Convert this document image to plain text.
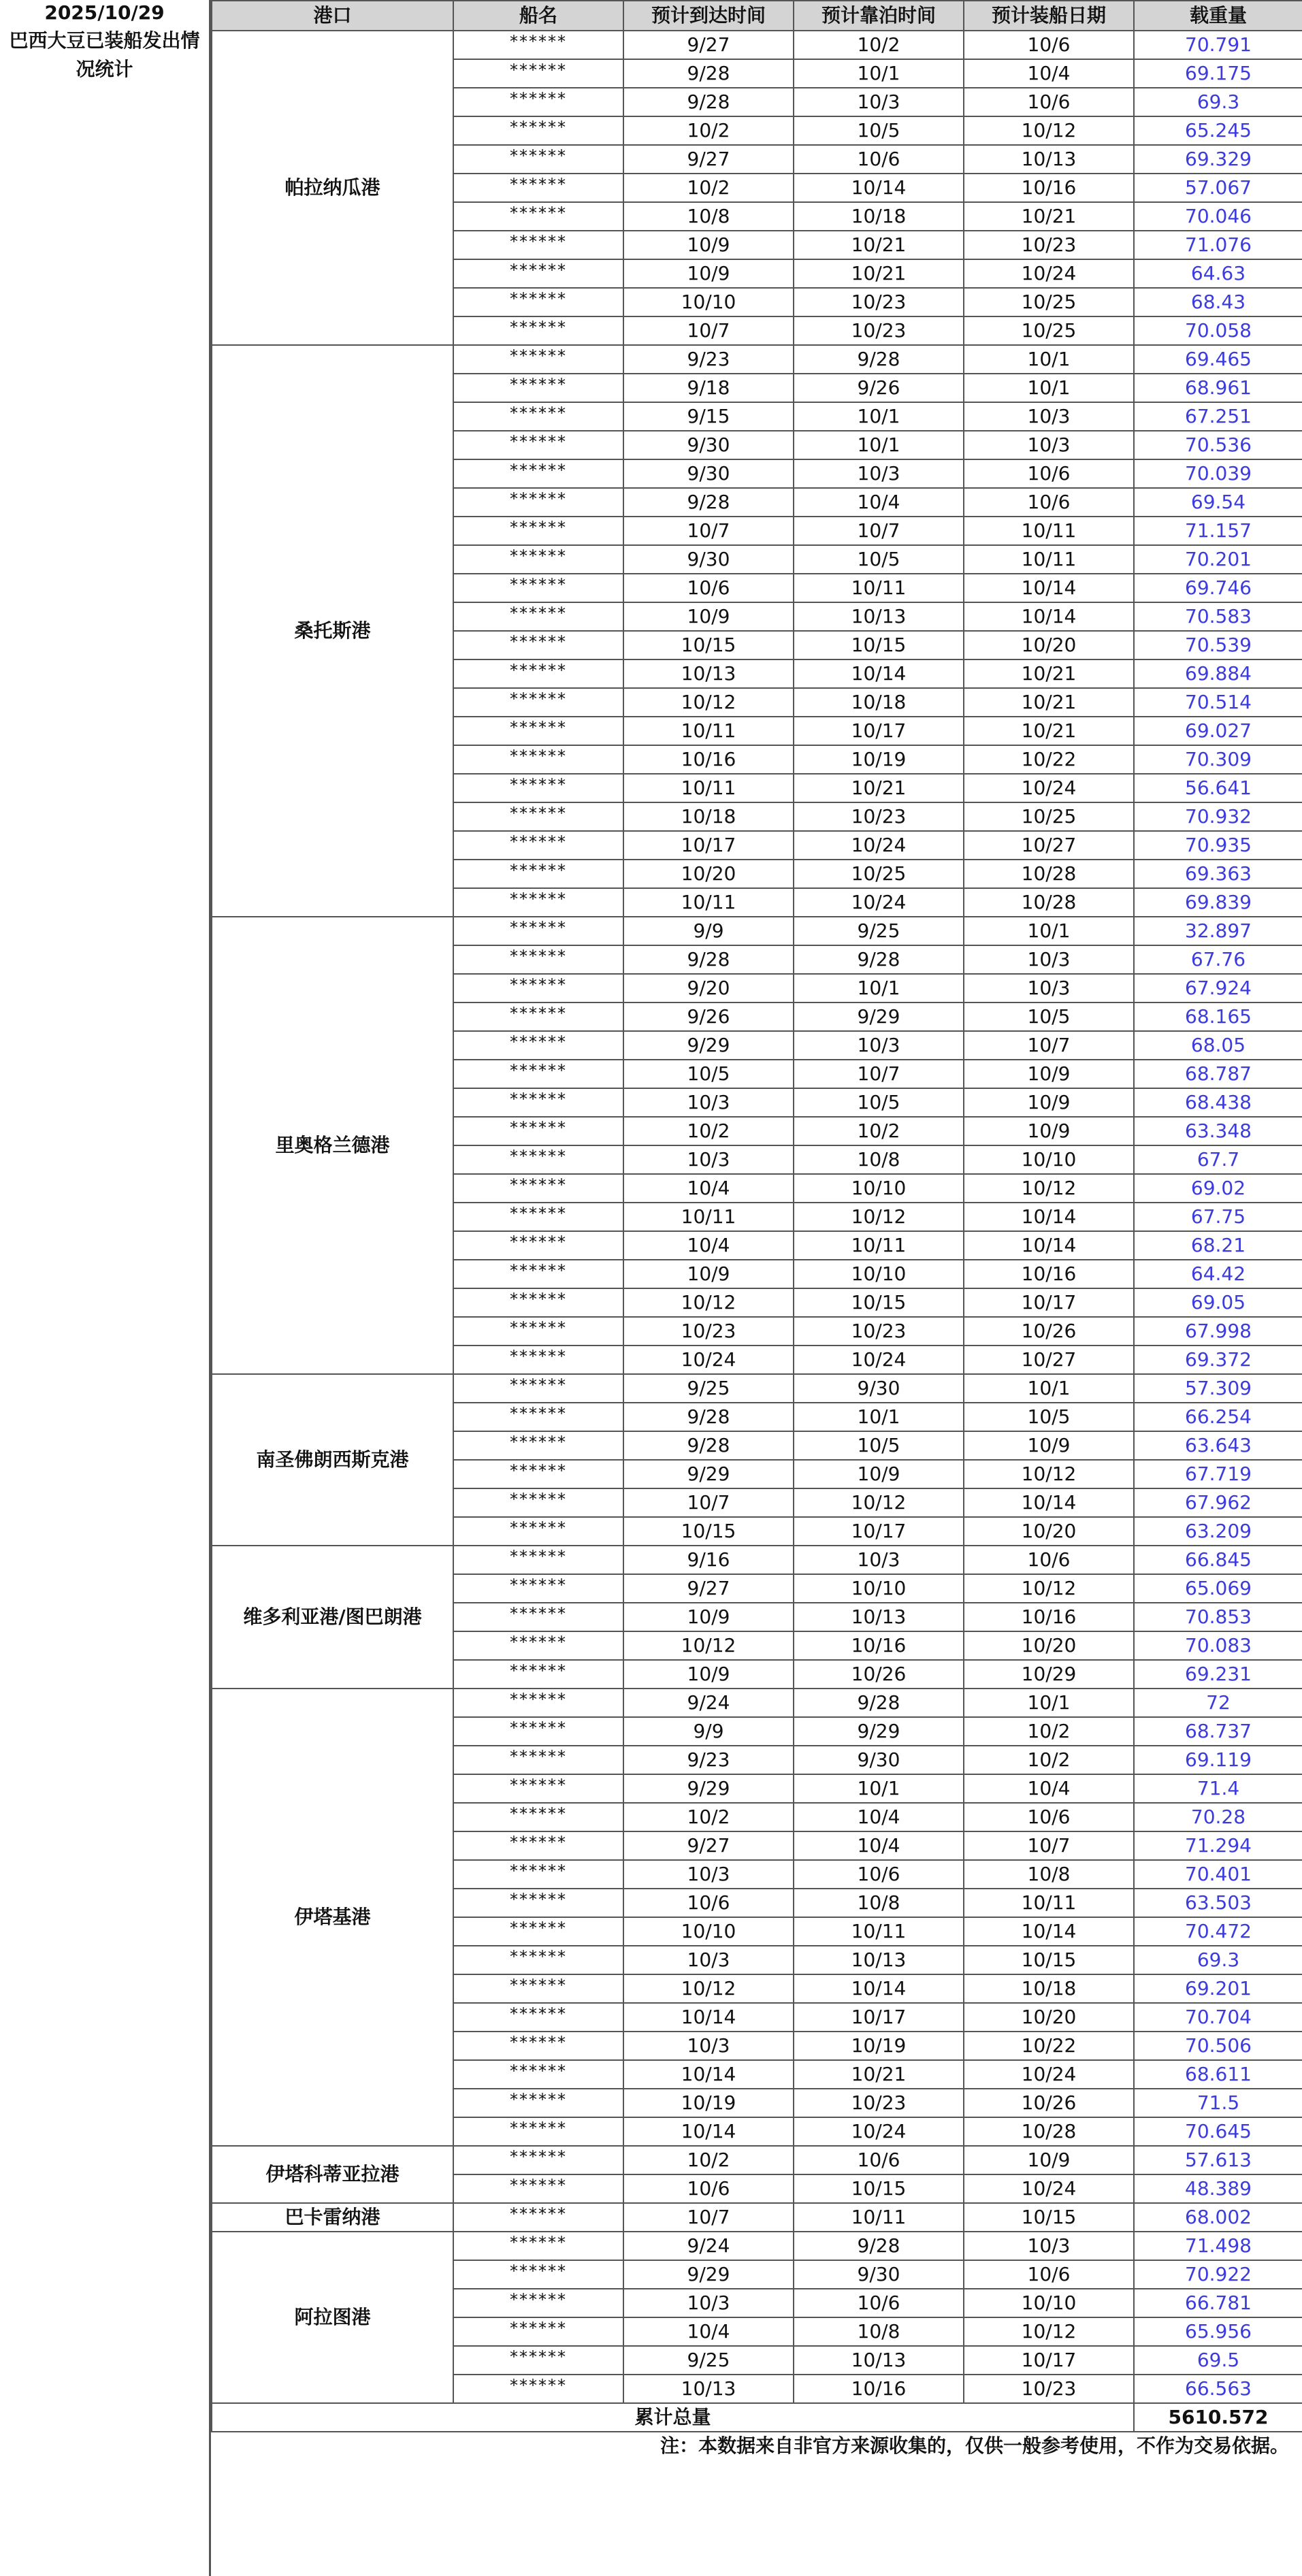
2025/10/29
巴西大豆已装船发出情况统计
港口	船名	预计到达时间	预计靠泊时间	预计装船日期	载重量
帕拉纳瓜港	******	9/27	10/2	10/6	70.791
	******	9/28	10/1	10/4	69.175
	******	9/28	10/3	10/6	69.3
	******	10/2	10/5	10/12	65.245
	******	9/27	10/6	10/13	69.329
	******	10/2	10/14	10/16	57.067
	******	10/8	10/18	10/21	70.046
	******	10/9	10/21	10/23	71.076
	******	10/9	10/21	10/24	64.63
	******	10/10	10/23	10/25	68.43
	******	10/7	10/23	10/25	70.058
桑托斯港	******	9/23	9/28	10/1	69.465
	******	9/18	9/26	10/1	68.961
	******	9/15	10/1	10/3	67.251
	******	9/30	10/1	10/3	70.536
	******	9/30	10/3	10/6	70.039
	******	9/28	10/4	10/6	69.54
	******	10/7	10/7	10/11	71.157
	******	9/30	10/5	10/11	70.201
	******	10/6	10/11	10/14	69.746
	******	10/9	10/13	10/14	70.583
	******	10/15	10/15	10/20	70.539
	******	10/13	10/14	10/21	69.884
	******	10/12	10/18	10/21	70.514
	******	10/11	10/17	10/21	69.027
	******	10/16	10/19	10/22	70.309
	******	10/11	10/21	10/24	56.641
	******	10/18	10/23	10/25	70.932
	******	10/17	10/24	10/27	70.935
	******	10/20	10/25	10/28	69.363
	******	10/11	10/24	10/28	69.839
里奥格兰德港	******	9/9	9/25	10/1	32.897
	******	9/28	9/28	10/3	67.76
	******	9/20	10/1	10/3	67.924
	******	9/26	9/29	10/5	68.165
	******	9/29	10/3	10/7	68.05
	******	10/5	10/7	10/9	68.787
	******	10/3	10/5	10/9	68.438
	******	10/2	10/2	10/9	63.348
	******	10/3	10/8	10/10	67.7
	******	10/4	10/10	10/12	69.02
	******	10/11	10/12	10/14	67.75
	******	10/4	10/11	10/14	68.21
	******	10/9	10/10	10/16	64.42
	******	10/12	10/15	10/17	69.05
	******	10/23	10/23	10/26	67.998
	******	10/24	10/24	10/27	69.372
南圣佛朗西斯克港	******	9/25	9/30	10/1	57.309
	******	9/28	10/1	10/5	66.254
	******	9/28	10/5	10/9	63.643
	******	9/29	10/9	10/12	67.719
	******	10/7	10/12	10/14	67.962
	******	10/15	10/17	10/20	63.209
维多利亚港/图巴朗港	******	9/16	10/3	10/6	66.845
	******	9/27	10/10	10/12	65.069
	******	10/9	10/13	10/16	70.853
	******	10/12	10/16	10/20	70.083
	******	10/9	10/26	10/29	69.231
伊塔基港	******	9/24	9/28	10/1	72
	******	9/9	9/29	10/2	68.737
	******	9/23	9/30	10/2	69.119
	******	9/29	10/1	10/4	71.4
	******	10/2	10/4	10/6	70.28
	******	9/27	10/4	10/7	71.294
	******	10/3	10/6	10/8	70.401
	******	10/6	10/8	10/11	63.503
	******	10/10	10/11	10/14	70.472
	******	10/3	10/13	10/15	69.3
	******	10/12	10/14	10/18	69.201
	******	10/14	10/17	10/20	70.704
	******	10/3	10/19	10/22	70.506
	******	10/14	10/21	10/24	68.611
	******	10/19	10/23	10/26	71.5
	******	10/14	10/24	10/28	70.645
伊塔科蒂亚拉港	******	10/2	10/6	10/9	57.613
	******	10/6	10/15	10/24	48.389
巴卡雷纳港	******	10/7	10/11	10/15	68.002
阿拉图港	******	9/24	9/28	10/3	71.498
	******	9/29	9/30	10/6	70.922
	******	10/3	10/6	10/10	66.781
	******	10/4	10/8	10/12	65.956
	******	9/25	10/13	10/17	69.5
	******	10/13	10/16	10/23	66.563
累计总量					5610.572
注：本数据来自非官方来源收集的，仅供一般参考使用，不作为交易依据。					
